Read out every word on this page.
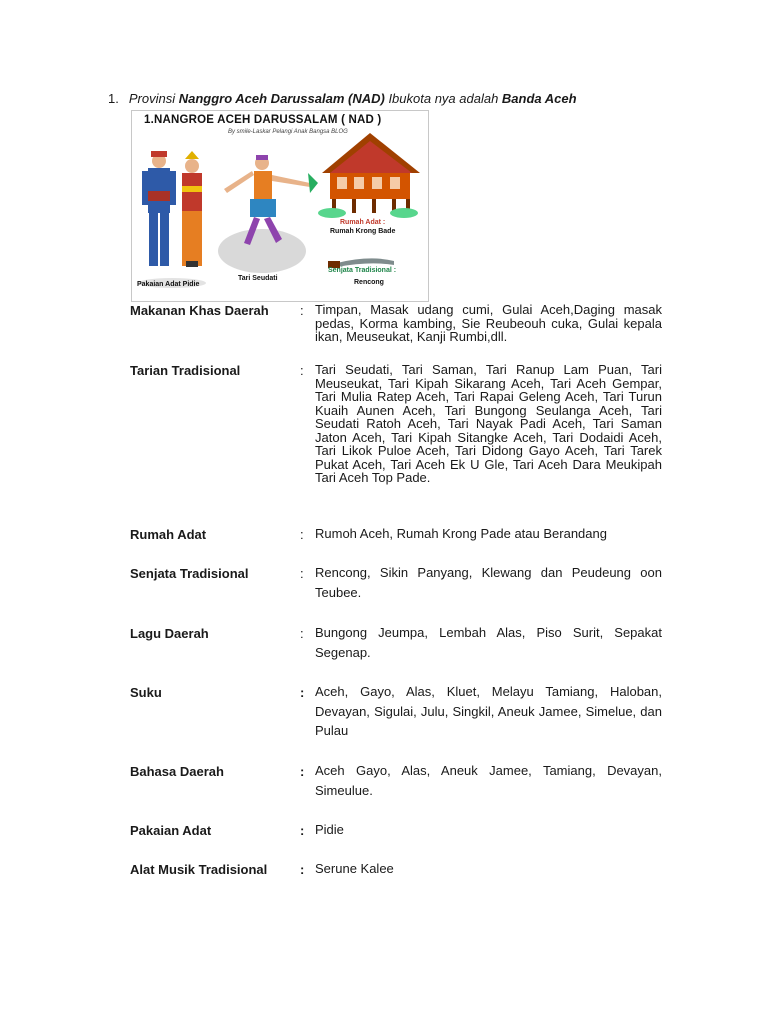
1. Provinsi Nanggro Aceh Darussalam (NAD) Ibukota nya adalah Banda Aceh
1.NANGROE ACEH DARUSSALAM ( NAD )
By smile-Laskar Pelangi Anak Bangsa BLOG
Pakaian Adat Pidie
Tari Seudati
Rumah Adat :
Rumah Krong Bade
Senjata Tradisional :
Rencong
Makanan Khas Daerah : Timpan, Masak udang cumi, Gulai Aceh,Daging masak pedas, Korma kambing, Sie Reubeouh cuka, Gulai kepala ikan, Meuseukat, Kanji Rumbi,dll.
Tarian Tradisional	: Tari Seudati, Tari Saman, Tari Ranup Lam Puan, Tari Meuseukat, Tari Kipah Sikarang Aceh, Tari Aceh Gempar, Tari Mulia Ratep Aceh, Tari Rapai Geleng Aceh, Tari Turun Kuaih Aunen Aceh, Tari Bungong Seulanga Aceh, Tari Seudati Ratoh Aceh, Tari Nayak Padi Aceh, Tari Saman Jaton Aceh, Tari Kipah Sitangke Aceh, Tari Dodaidi Aceh, Tari Likok Puloe Aceh, Tari Didong Gayo Aceh, Tari Tarek Pukat Aceh, Tari Aceh Ek U Gle, Tari Aceh Dara Meukipah Tari Aceh Top Pade.
Rumah Adat	: Rumoh Aceh, Rumah Krong Pade atau Berandang
Senjata Tradisional	: Rencong, Sikin Panyang, Klewang dan Peudeung oon Teubee.
Lagu Daerah	: Bungong Jeumpa, Lembah Alas, Piso Surit, Sepakat Segenap.
Suku	: Aceh, Gayo, Alas, Kluet, Melayu Tamiang, Haloban, Devayan, Sigulai, Julu, Singkil, Aneuk Jamee, Simelue, dan Pulau
Bahasa Daerah	: Aceh Gayo, Alas, Aneuk Jamee, Tamiang, Devayan, Simeulue.
Pakaian Adat	: Pidie
Alat Musik Tradisional	: Serune Kalee
